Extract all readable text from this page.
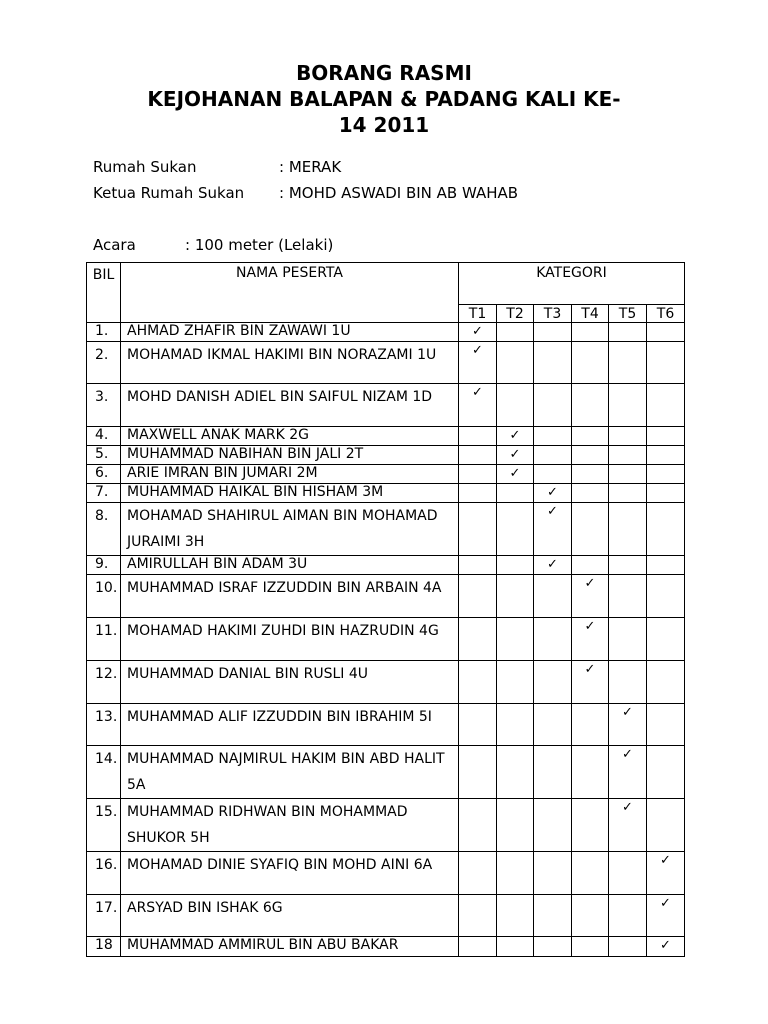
BORANG RASMI
KEJOHANAN BALAPAN & PADANG KALI KE-
14 2011
Rumah Sukan	: MERAK
Ketua Rumah Sukan : MOHD ASWADI BIN AB WAHAB
Acara	: 100 meter (Lelaki)
BIL	NAMA PESERTA	KATEGORI					
		T1	T2	T3	T4	T5	T6
1.	AHMAD ZHAFIR BIN ZAWAWI 1U	✓					
2.	MOHAMAD IKMAL HAKIMI BIN NORAZAMI 1U	✓					
3.	MOHD DANISH ADIEL BIN SAIFUL NIZAM 1D	✓					
4.	MAXWELL ANAK MARK 2G		✓				
5.	MUHAMMAD NABIHAN BIN JALI 2T		✓				
6.	ARIE IMRAN BIN JUMARI 2M		✓				
7.	MUHAMMAD HAIKAL BIN HISHAM 3M			✓			
8.	MOHAMAD SHAHIRUL AIMAN BIN MOHAMAD JURAIMI 3H			✓			
9.	AMIRULLAH BIN ADAM 3U			✓			
10.	MUHAMMAD ISRAF IZZUDDIN BIN ARBAIN 4A				✓		
11.	MOHAMAD HAKIMI ZUHDI BIN HAZRUDIN 4G				✓		
12.	MUHAMMAD DANIAL BIN RUSLI 4U				✓		
13.	MUHAMMAD ALIF IZZUDDIN BIN IBRAHIM 5I					✓	
14.	MUHAMMAD NAJMIRUL HAKIM BIN ABD HALIT 5A					✓	
15.	MUHAMMAD RIDHWAN BIN MOHAMMAD SHUKOR 5H					✓	
16.	MOHAMAD DINIE SYAFIQ BIN MOHD AINI 6A						✓
17.	ARSYAD BIN ISHAK 6G						✓
18	MUHAMMAD AMMIRUL BIN ABU BAKAR						✓
